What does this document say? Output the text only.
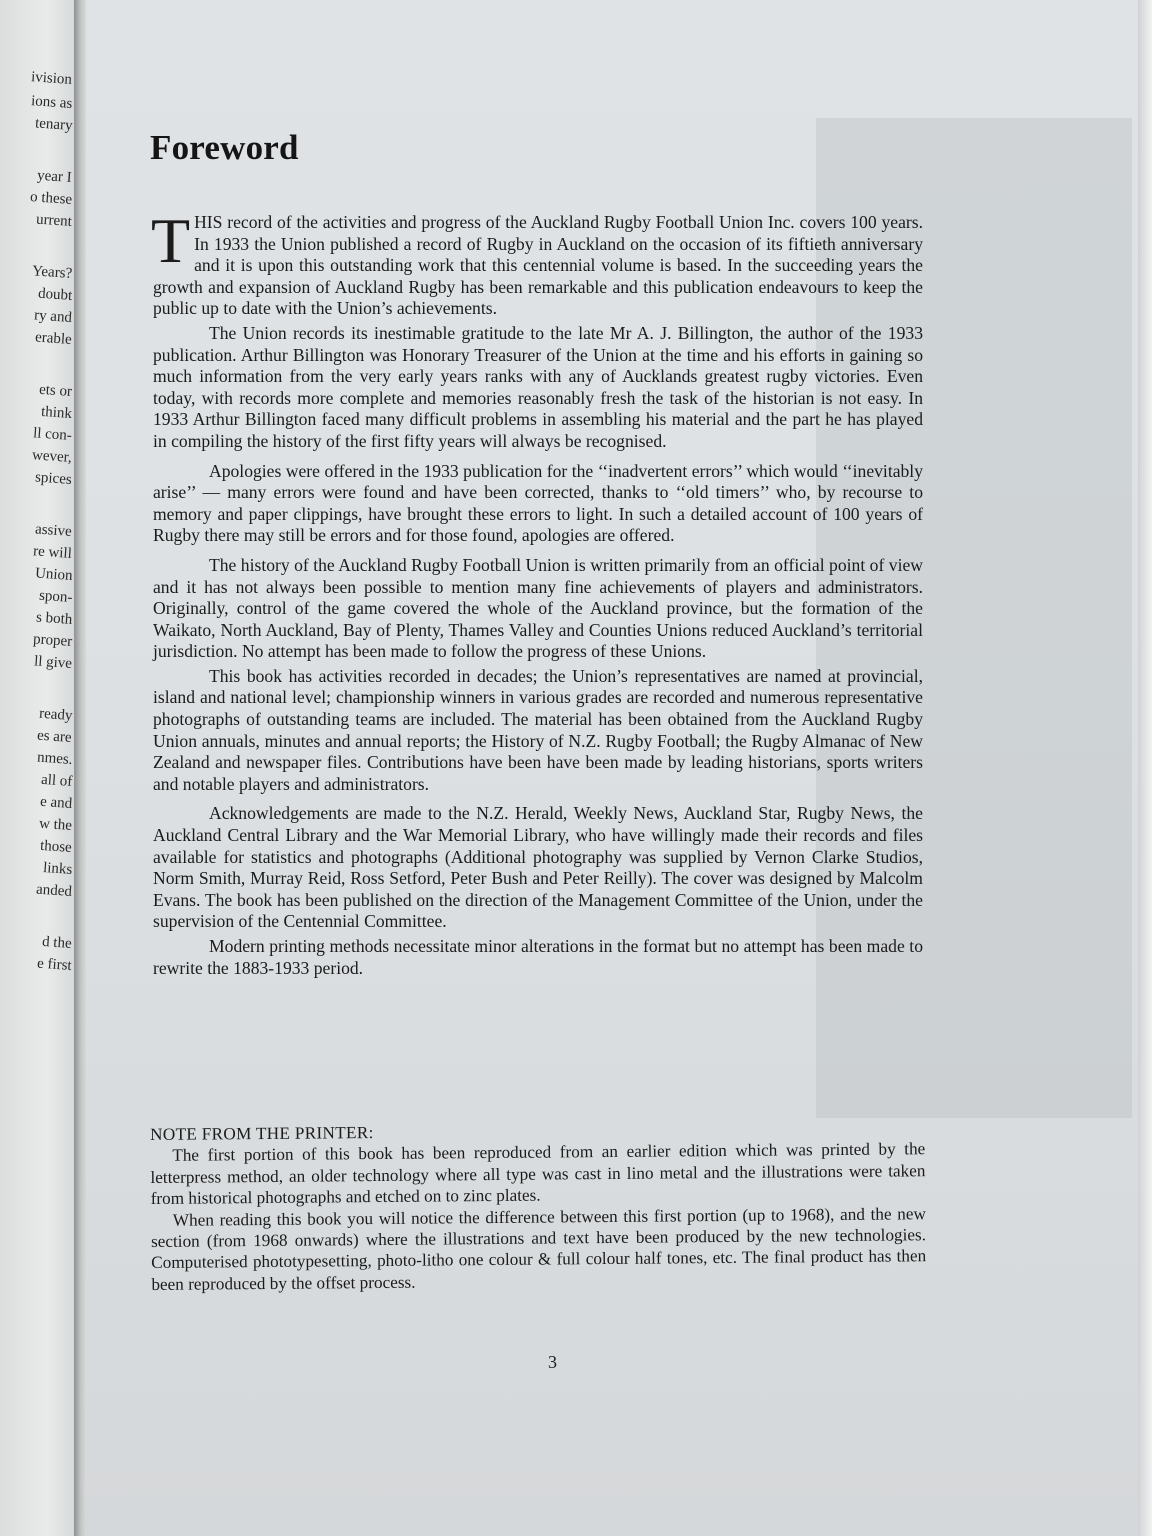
ivision
ions as
tenary
year I
o these
urrent
Years?
doubt
ry and
erable
ets or
think
ll con-
wever,
spices
assive
re will
Union
spon-
s both
proper
ll give
ready
es are
nmes.
all of
e and
w the
those
links
anded
d the
e first
Foreword

THIS record of the activities and progress of the Auckland Rugby Football Union Inc. covers 100 years. In 1933 the Union published a record of Rugby in Auckland on the occasion of its fiftieth anniversary and it is upon this outstanding work that this centennial volume is based. In the succeeding years the growth and expansion of Auckland Rugby has been remarkable and this publication endeavours to keep the public up to date with the Union’s achievements.

The Union records its inestimable gratitude to the late Mr A. J. Billington, the author of the 1933 publication. Arthur Billington was Honorary Treasurer of the Union at the time and his efforts in gaining so much information from the very early years ranks with any of Aucklands greatest rugby victories. Even today, with records more complete and memories reasonably fresh the task of the historian is not easy. In 1933 Arthur Billington faced many difficult problems in assembling his material and the part he has played in compiling the history of the first fifty years will always be recognised.

Apologies were offered in the 1933 publication for the ‘‘inadvertent errors’’ which would ‘‘inevitably arise’’ — many errors were found and have been corrected, thanks to ‘‘old timers’’ who, by recourse to memory and paper clippings, have brought these errors to light. In such a detailed account of 100 years of Rugby there may still be errors and for those found, apologies are offered.

The history of the Auckland Rugby Football Union is written primarily from an official point of view and it has not always been possible to mention many fine achievements of players and administrators. Originally, control of the game covered the whole of the Auckland province, but the formation of the Waikato, North Auckland, Bay of Plenty, Thames Valley and Counties Unions reduced Auckland’s territorial jurisdiction. No attempt has been made to follow the progress of these Unions.

This book has activities recorded in decades; the Union’s representatives are named at provincial, island and national level; championship winners in various grades are recorded and numerous representative photographs of outstanding teams are included. The material has been obtained from the Auckland Rugby Union annuals, minutes and annual reports; the History of N.Z. Rugby Football; the Rugby Almanac of New Zealand and newspaper files. Contributions have been have been made by leading historians, sports writers and notable players and administrators.

Acknowledgements are made to the N.Z. Herald, Weekly News, Auckland Star, Rugby News, the Auckland Central Library and the War Memorial Library, who have willingly made their records and files available for statistics and photographs (Additional photography was supplied by Vernon Clarke Studios, Norm Smith, Murray Reid, Ross Setford, Peter Bush and Peter Reilly). The cover was designed by Malcolm Evans. The book has been published on the direction of the Management Committee of the Union, under the supervision of the Centennial Committee.

Modern printing methods necessitate minor alterations in the format but no attempt has been made to rewrite the 1883-1933 period.

NOTE FROM THE PRINTER:

The first portion of this book has been reproduced from an earlier edition which was printed by the letterpress method, an older technology where all type was cast in lino metal and the illustrations were taken from historical photographs and etched on to zinc plates.

When reading this book you will notice the difference between this first portion (up to 1968), and the new section (from 1968 onwards) where the illustrations and text have been produced by the new technologies. Computerised phototypesetting, photo-litho one colour & full colour half tones, etc. The final product has then been reproduced by the offset process.

3
